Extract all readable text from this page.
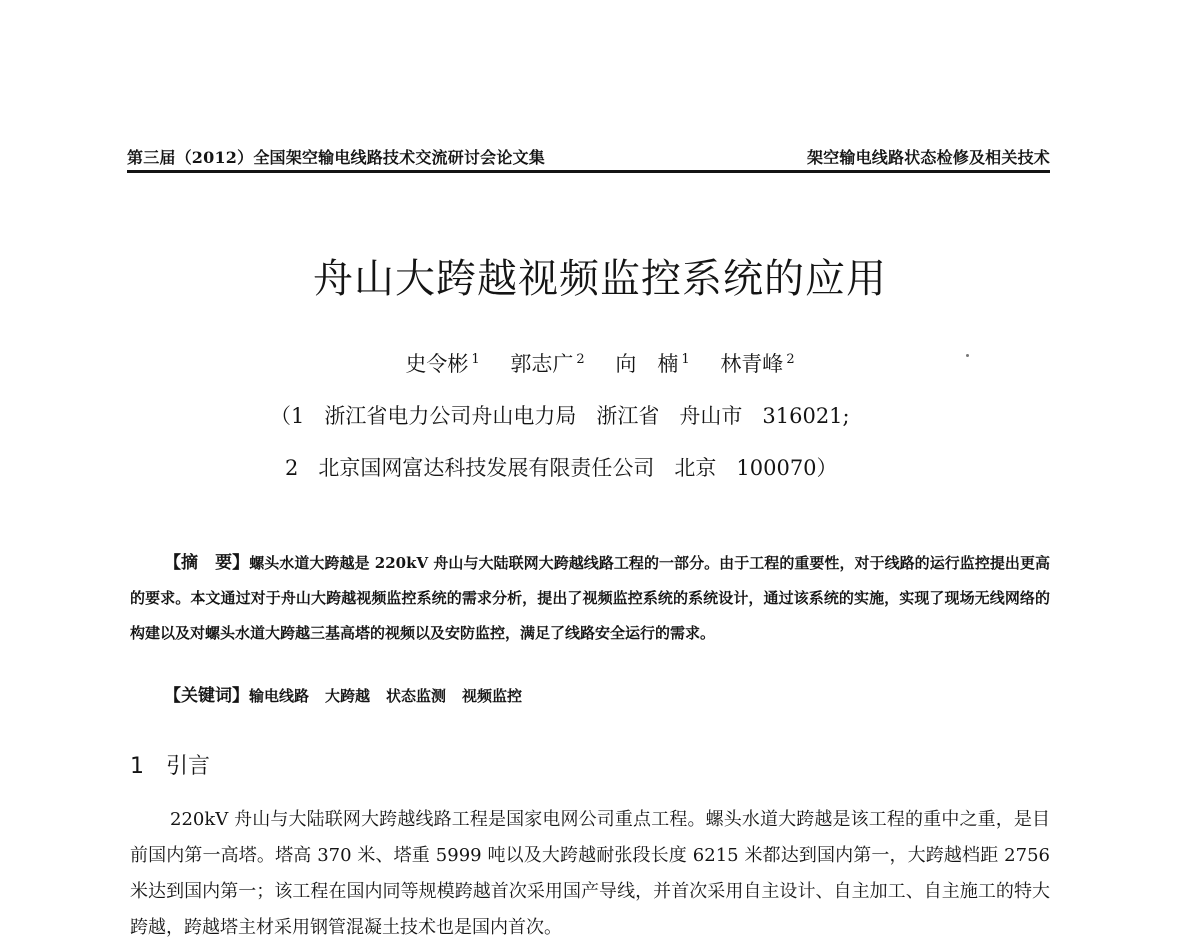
第三届（2012）全国架空输电线路技术交流研讨会论文集	架空输电线路状态检修及相关技术
舟山大跨越视频监控系统的应用
史令彬 $^1$ 郭志广 $^2$ 向　楠 $^1$ 林青峰 $^2$
（1 浙江省电力公司舟山电力局 浙江省 舟山市 316021;
2 北京国网富达科技发展有限责任公司 北京 100070）
【摘　要】螺头水道大跨越是 220kV 舟山与大陆联网大跨越线路工程的一部分。由于工程的重要性，对于线路的运行监控提出更高的要求。本文通过对于舟山大跨越视频监控系统的需求分析，提出了视频监控系统的系统设计，通过该系统的实施，实现了现场无线网络的构建以及对螺头水道大跨越三基高塔的视频以及安防监控，满足了线路安全运行的需求。
【关键词】输电线路 大跨越 状态监测 视频监控
1 引言
220kV 舟山与大陆联网大跨越线路工程是国家电网公司重点工程。螺头水道大跨越是该工程的重中之重，是目前国内第一高塔。塔高 370 米、塔重 5999 吨以及大跨越耐张段长度 6215 米都达到国内第一，大跨越档距 2756 米达到国内第一；该工程在国内同等规模跨越首次采用国产导线，并首次采用自主设计、自主加工、自主施工的特大跨越，跨越塔主材采用钢管混凝土技术也是国内首次。
